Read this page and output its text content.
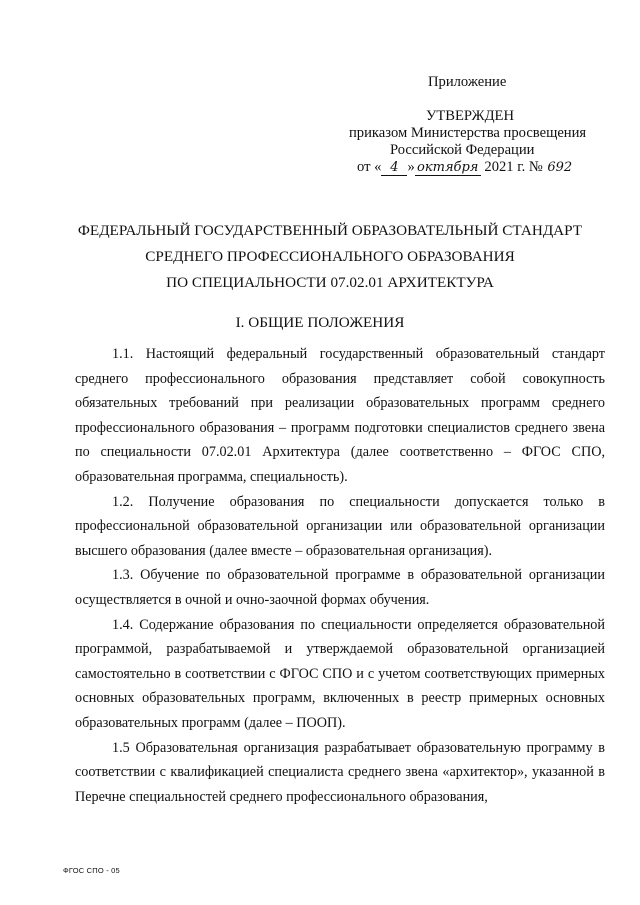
Приложение
УТВЕРЖДЕН
приказом Министерства просвещения
Российской Федерации
от « 4 » октября 2021 г. № 692
ФЕДЕРАЛЬНЫЙ ГОСУДАРСТВЕННЫЙ ОБРАЗОВАТЕЛЬНЫЙ СТАНДАРТ
СРЕДНЕГО ПРОФЕССИОНАЛЬНОГО ОБРАЗОВАНИЯ
ПО СПЕЦИАЛЬНОСТИ 07.02.01 АРХИТЕКТУРА
I. ОБЩИЕ ПОЛОЖЕНИЯ

1.1. Настоящий федеральный государственный образовательный стандарт среднего профессионального образования представляет собой совокупность обязательных требований при реализации образовательных программ среднего профессионального образования – программ подготовки специалистов среднего звена по специальности 07.02.01 Архитектура (далее соответственно – ФГОС СПО, образовательная программа, специальность).

1.2. Получение образования по специальности допускается только в профессиональной образовательной организации или образовательной организации высшего образования (далее вместе – образовательная организация).

1.3. Обучение по образовательной программе в образовательной организации осуществляется в очной и очно-заочной формах обучения.

1.4. Содержание образования по специальности определяется образовательной программой, разрабатываемой и утверждаемой образовательной организацией самостоятельно в соответствии с ФГОС СПО и с учетом соответствующих примерных основных образовательных программ, включенных в реестр примерных основных образовательных программ (далее – ПООП).

1.5 Образовательная организация разрабатывает образовательную программу в соответствии с квалификацией специалиста среднего звена «архитектор», указанной в Перечне специальностей среднего профессионального образования,

ФГОС СПО - 05
